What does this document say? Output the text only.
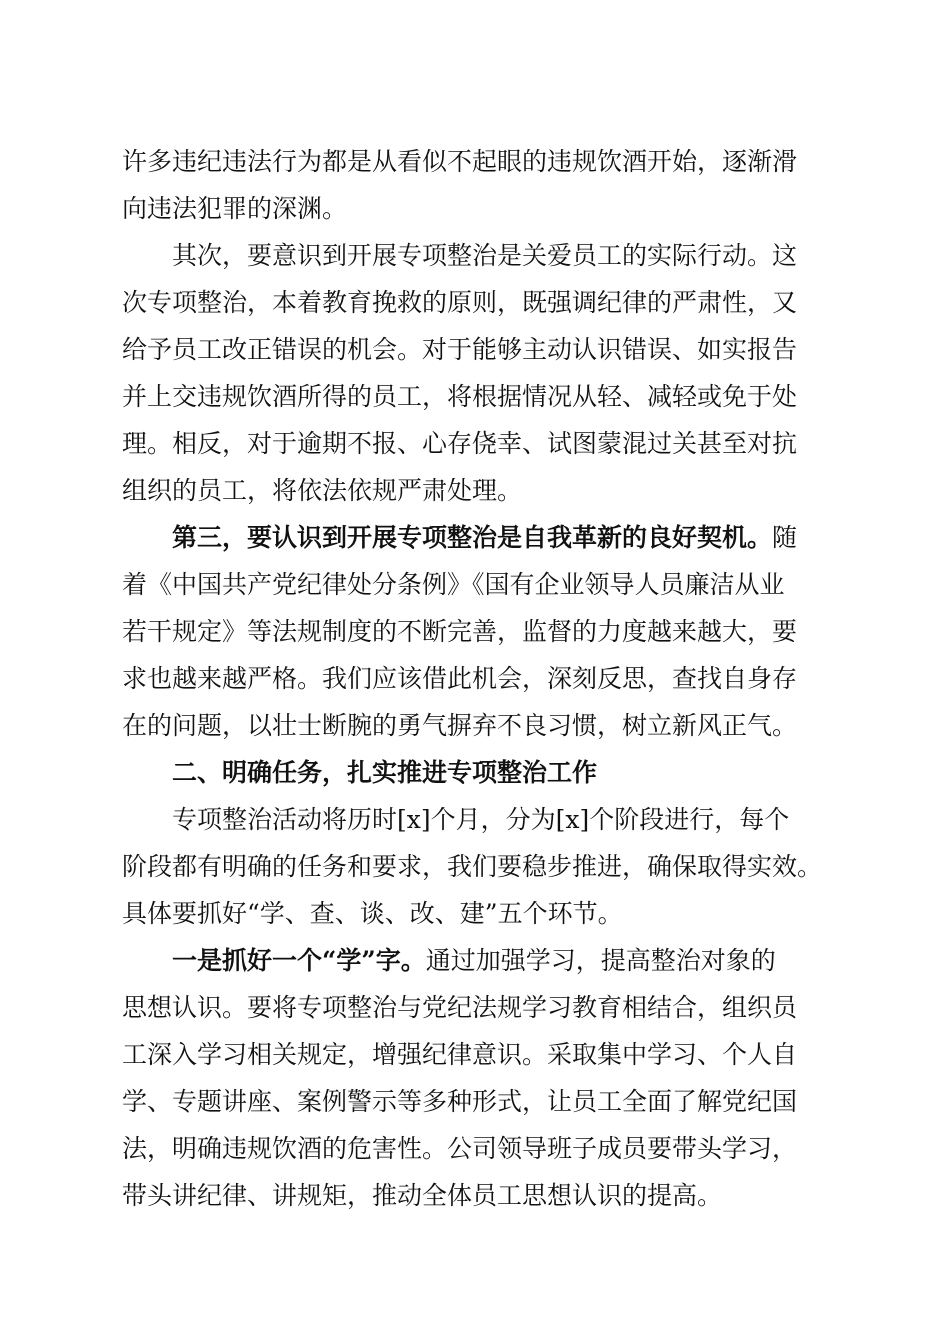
许多违纪违法行为都是从看似不起眼的违规饮酒开始，逐渐滑
向违法犯罪的深渊。
其次，要意识到开展专项整治是关爱员工的实际行动。这
次专项整治，本着教育挽救的原则，既强调纪律的严肃性，又
给予员工改正错误的机会。对于能够主动认识错误、如实报告
并上交违规饮酒所得的员工，将根据情况从轻、减轻或免于处
理。相反，对于逾期不报、心存侥幸、试图蒙混过关甚至对抗
组织的员工，将依法依规严肃处理。
第三，要认识到开展专项整治是自我革新的良好契机。随
着《中国共产党纪律处分条例》《国有企业领导人员廉洁从业
若干规定》等法规制度的不断完善，监督的力度越来越大，要
求也越来越严格。我们应该借此机会，深刻反思，查找自身存
在的问题，以壮士断腕的勇气摒弃不良习惯，树立新风正气。
二、明确任务，扎实推进专项整治工作
专项整治活动将历时[x]个月，分为[x]个阶段进行，每个
阶段都有明确的任务和要求，我们要稳步推进，确保取得实效。
具体要抓好“学、查、谈、改、建”五个环节。
一是抓好一个“学”字。通过加强学习，提高整治对象的
思想认识。要将专项整治与党纪法规学习教育相结合，组织员
工深入学习相关规定，增强纪律意识。采取集中学习、个人自
学、专题讲座、案例警示等多种形式，让员工全面了解党纪国
法，明确违规饮酒的危害性。公司领导班子成员要带头学习，
带头讲纪律、讲规矩，推动全体员工思想认识的提高。
